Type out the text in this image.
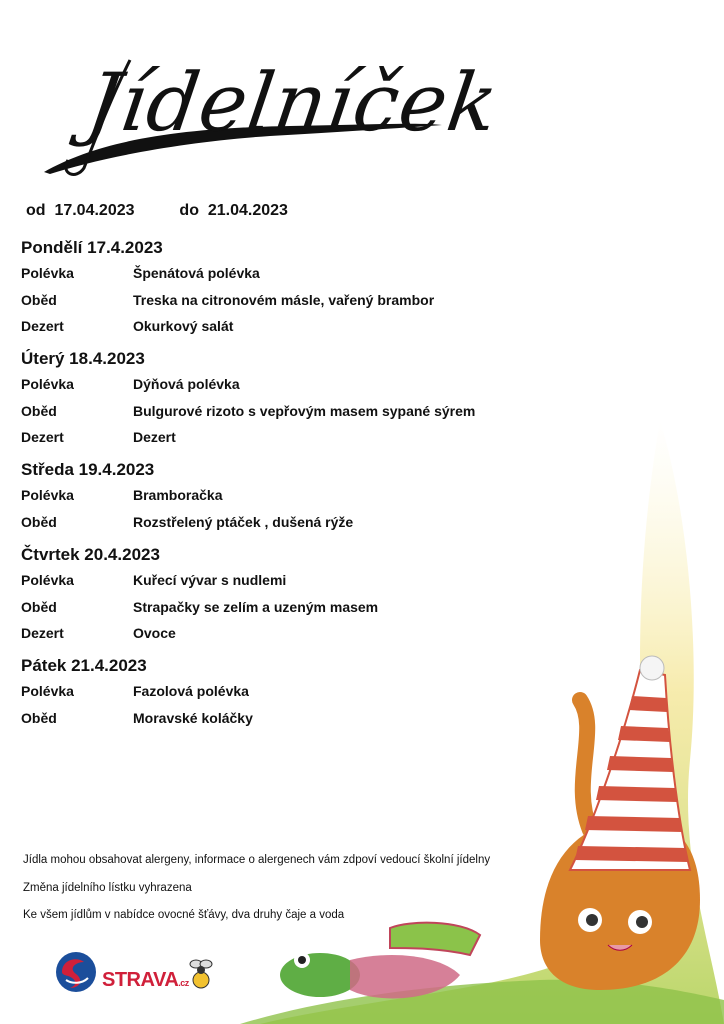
Jídelníček
od 17.04.2023	do 21.04.2023
Pondělí 17.4.2023
Polévka	Špenátová polévka
Oběd	Treska na citronovém másle, vařený brambor
Dezert	Okurkový salát
Úterý 18.4.2023
Polévka	Dýňová polévka
Oběd	Bulgurové rizoto s vepřovým masem sypané sýrem
Dezert	Dezert
Středa 19.4.2023
Polévka	Bramboračka
Oběd	Rozstřelený ptáček , dušená rýže
Čtvrtek 20.4.2023
Polévka	Kuřecí vývar s nudlemi
Oběd	Strapačky se zelím a uzeným masem
Dezert	Ovoce
Pátek 21.4.2023
Polévka	Fazolová polévka
Oběd	Moravské koláčky
Jídla mohou obsahovat alergeny, informace o alergenech vám zdpoví vedoucí školní jídelny
Změna jídelního lístku vyhrazena
Ke všem jídlům v nabídce ovocné šťávy, dva druhy čaje a voda
STRAVA.cz
